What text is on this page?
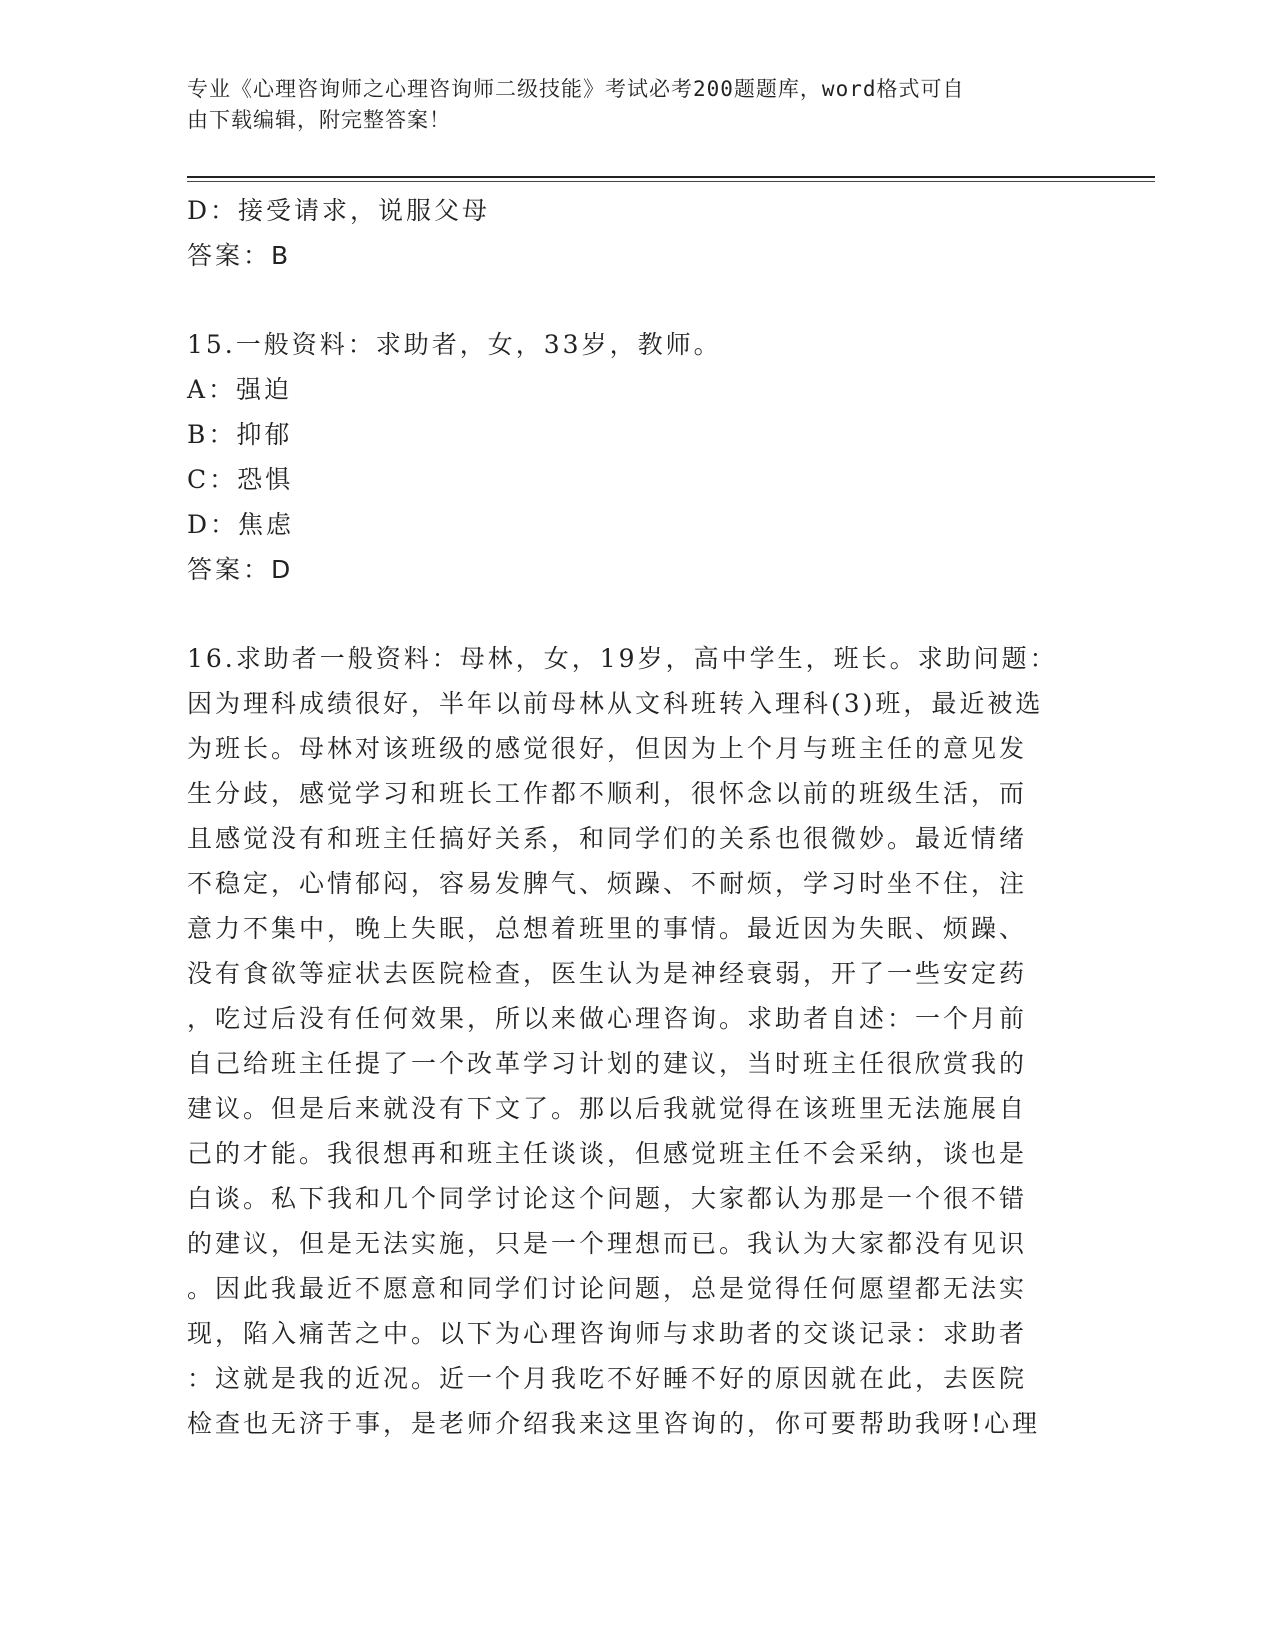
专业《心理咨询师之心理咨询师二级技能》考试必考200题题库，word格式可自
由下载编辑，附完整答案！
D：接受请求，说服父母
答案：B
15.一般资料：求助者，女，33岁，教师。
A：强迫
B：抑郁
C：恐惧
D：焦虑
答案：D
16.求助者一般资料：母林，女，19岁，高中学生，班长。求助问题：
因为理科成绩很好，半年以前母林从文科班转入理科(3)班，最近被选
为班长。母林对该班级的感觉很好，但因为上个月与班主任的意见发
生分歧，感觉学习和班长工作都不顺利，很怀念以前的班级生活，而
且感觉没有和班主任搞好关系，和同学们的关系也很微妙。最近情绪
不稳定，心情郁闷，容易发脾气、烦躁、不耐烦，学习时坐不住，注
意力不集中，晚上失眠，总想着班里的事情。最近因为失眠、烦躁、
没有食欲等症状去医院检查，医生认为是神经衰弱，开了一些安定药
，吃过后没有任何效果，所以来做心理咨询。求助者自述：一个月前
自己给班主任提了一个改革学习计划的建议，当时班主任很欣赏我的
建议。但是后来就没有下文了。那以后我就觉得在该班里无法施展自
己的才能。我很想再和班主任谈谈，但感觉班主任不会采纳，谈也是
白谈。私下我和几个同学讨论这个问题，大家都认为那是一个很不错
的建议，但是无法实施，只是一个理想而已。我认为大家都没有见识
。因此我最近不愿意和同学们讨论问题，总是觉得任何愿望都无法实
现，陷入痛苦之中。以下为心理咨询师与求助者的交谈记录：求助者
：这就是我的近况。近一个月我吃不好睡不好的原因就在此，去医院
检查也无济于事，是老师介绍我来这里咨询的，你可要帮助我呀!心理
